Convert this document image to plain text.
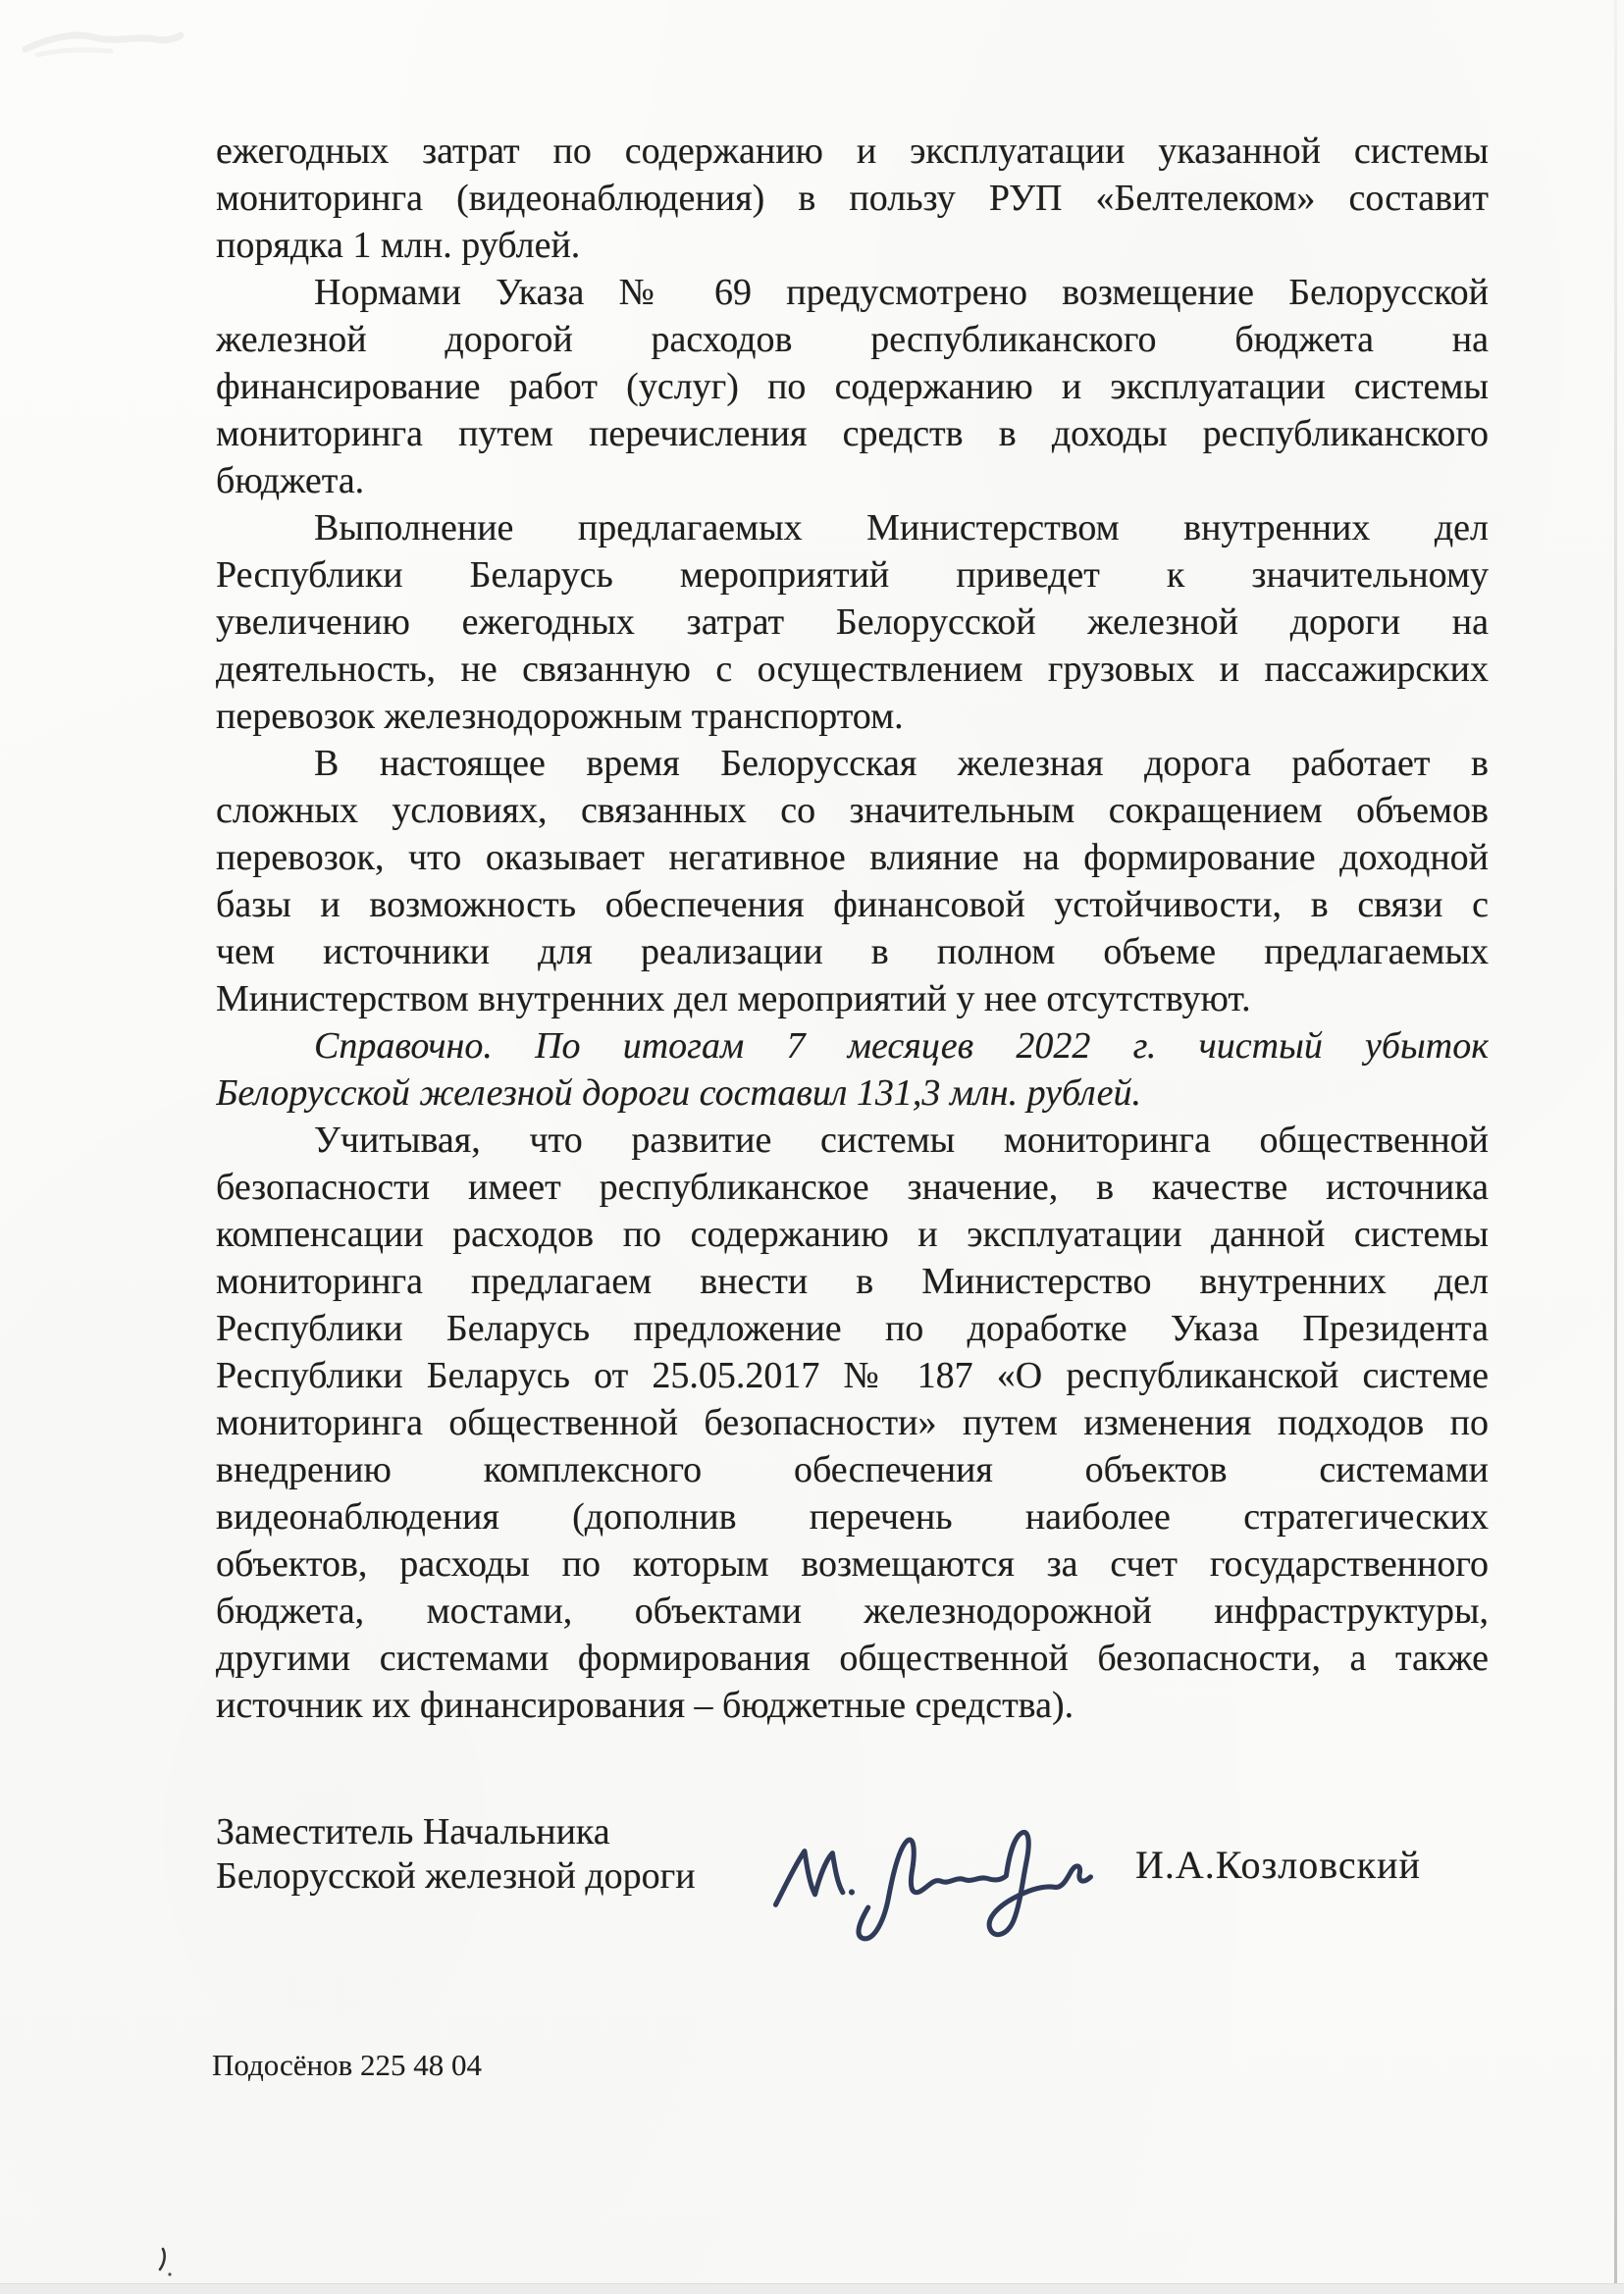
ежегодных затрат по содержанию и эксплуатации указанной системы
мониторинга (видеонаблюдения) в пользу РУП «Белтелеком» составит
порядка 1 млн. рублей.
Нормами Указа № 69 предусмотрено возмещение Белорусской
железной дорогой расходов республиканского бюджета на
финансирование работ (услуг) по содержанию и эксплуатации системы
мониторинга путем перечисления средств в доходы республиканского
бюджета.
Выполнение предлагаемых Министерством внутренних дел
Республики Беларусь мероприятий приведет к значительному
увеличению ежегодных затрат Белорусской железной дороги на
деятельность, не связанную с осуществлением грузовых и пассажирских
перевозок железнодорожным транспортом.
В настоящее время Белорусская железная дорога работает в
сложных условиях, связанных со значительным сокращением объемов
перевозок, что оказывает негативное влияние на формирование доходной
базы и возможность обеспечения финансовой устойчивости, в связи с
чем источники для реализации в полном объеме предлагаемых
Министерством внутренних дел мероприятий у нее отсутствуют.
Справочно. По итогам 7 месяцев 2022 г. чистый убыток
Белорусской железной дороги составил 131,3 млн. рублей.
Учитывая, что развитие системы мониторинга общественной
безопасности имеет республиканское значение, в качестве источника
компенсации расходов по содержанию и эксплуатации данной системы
мониторинга предлагаем внести в Министерство внутренних дел
Республики Беларусь предложение по доработке Указа Президента
Республики Беларусь от 25.05.2017 № 187 «О республиканской системе
мониторинга общественной безопасности» путем изменения подходов по
внедрению комплексного обеспечения объектов системами
видеонаблюдения (дополнив перечень наиболее стратегических
объектов, расходы по которым возмещаются за счет государственного
бюджета, мостами, объектами железнодорожной инфраструктуры,
другими системами формирования общественной безопасности, а также
источник их финансирования – бюджетные средства).
Заместитель Начальника
Белорусской железной дороги	И.А.Козловский
Подосёнов 225 48 04
